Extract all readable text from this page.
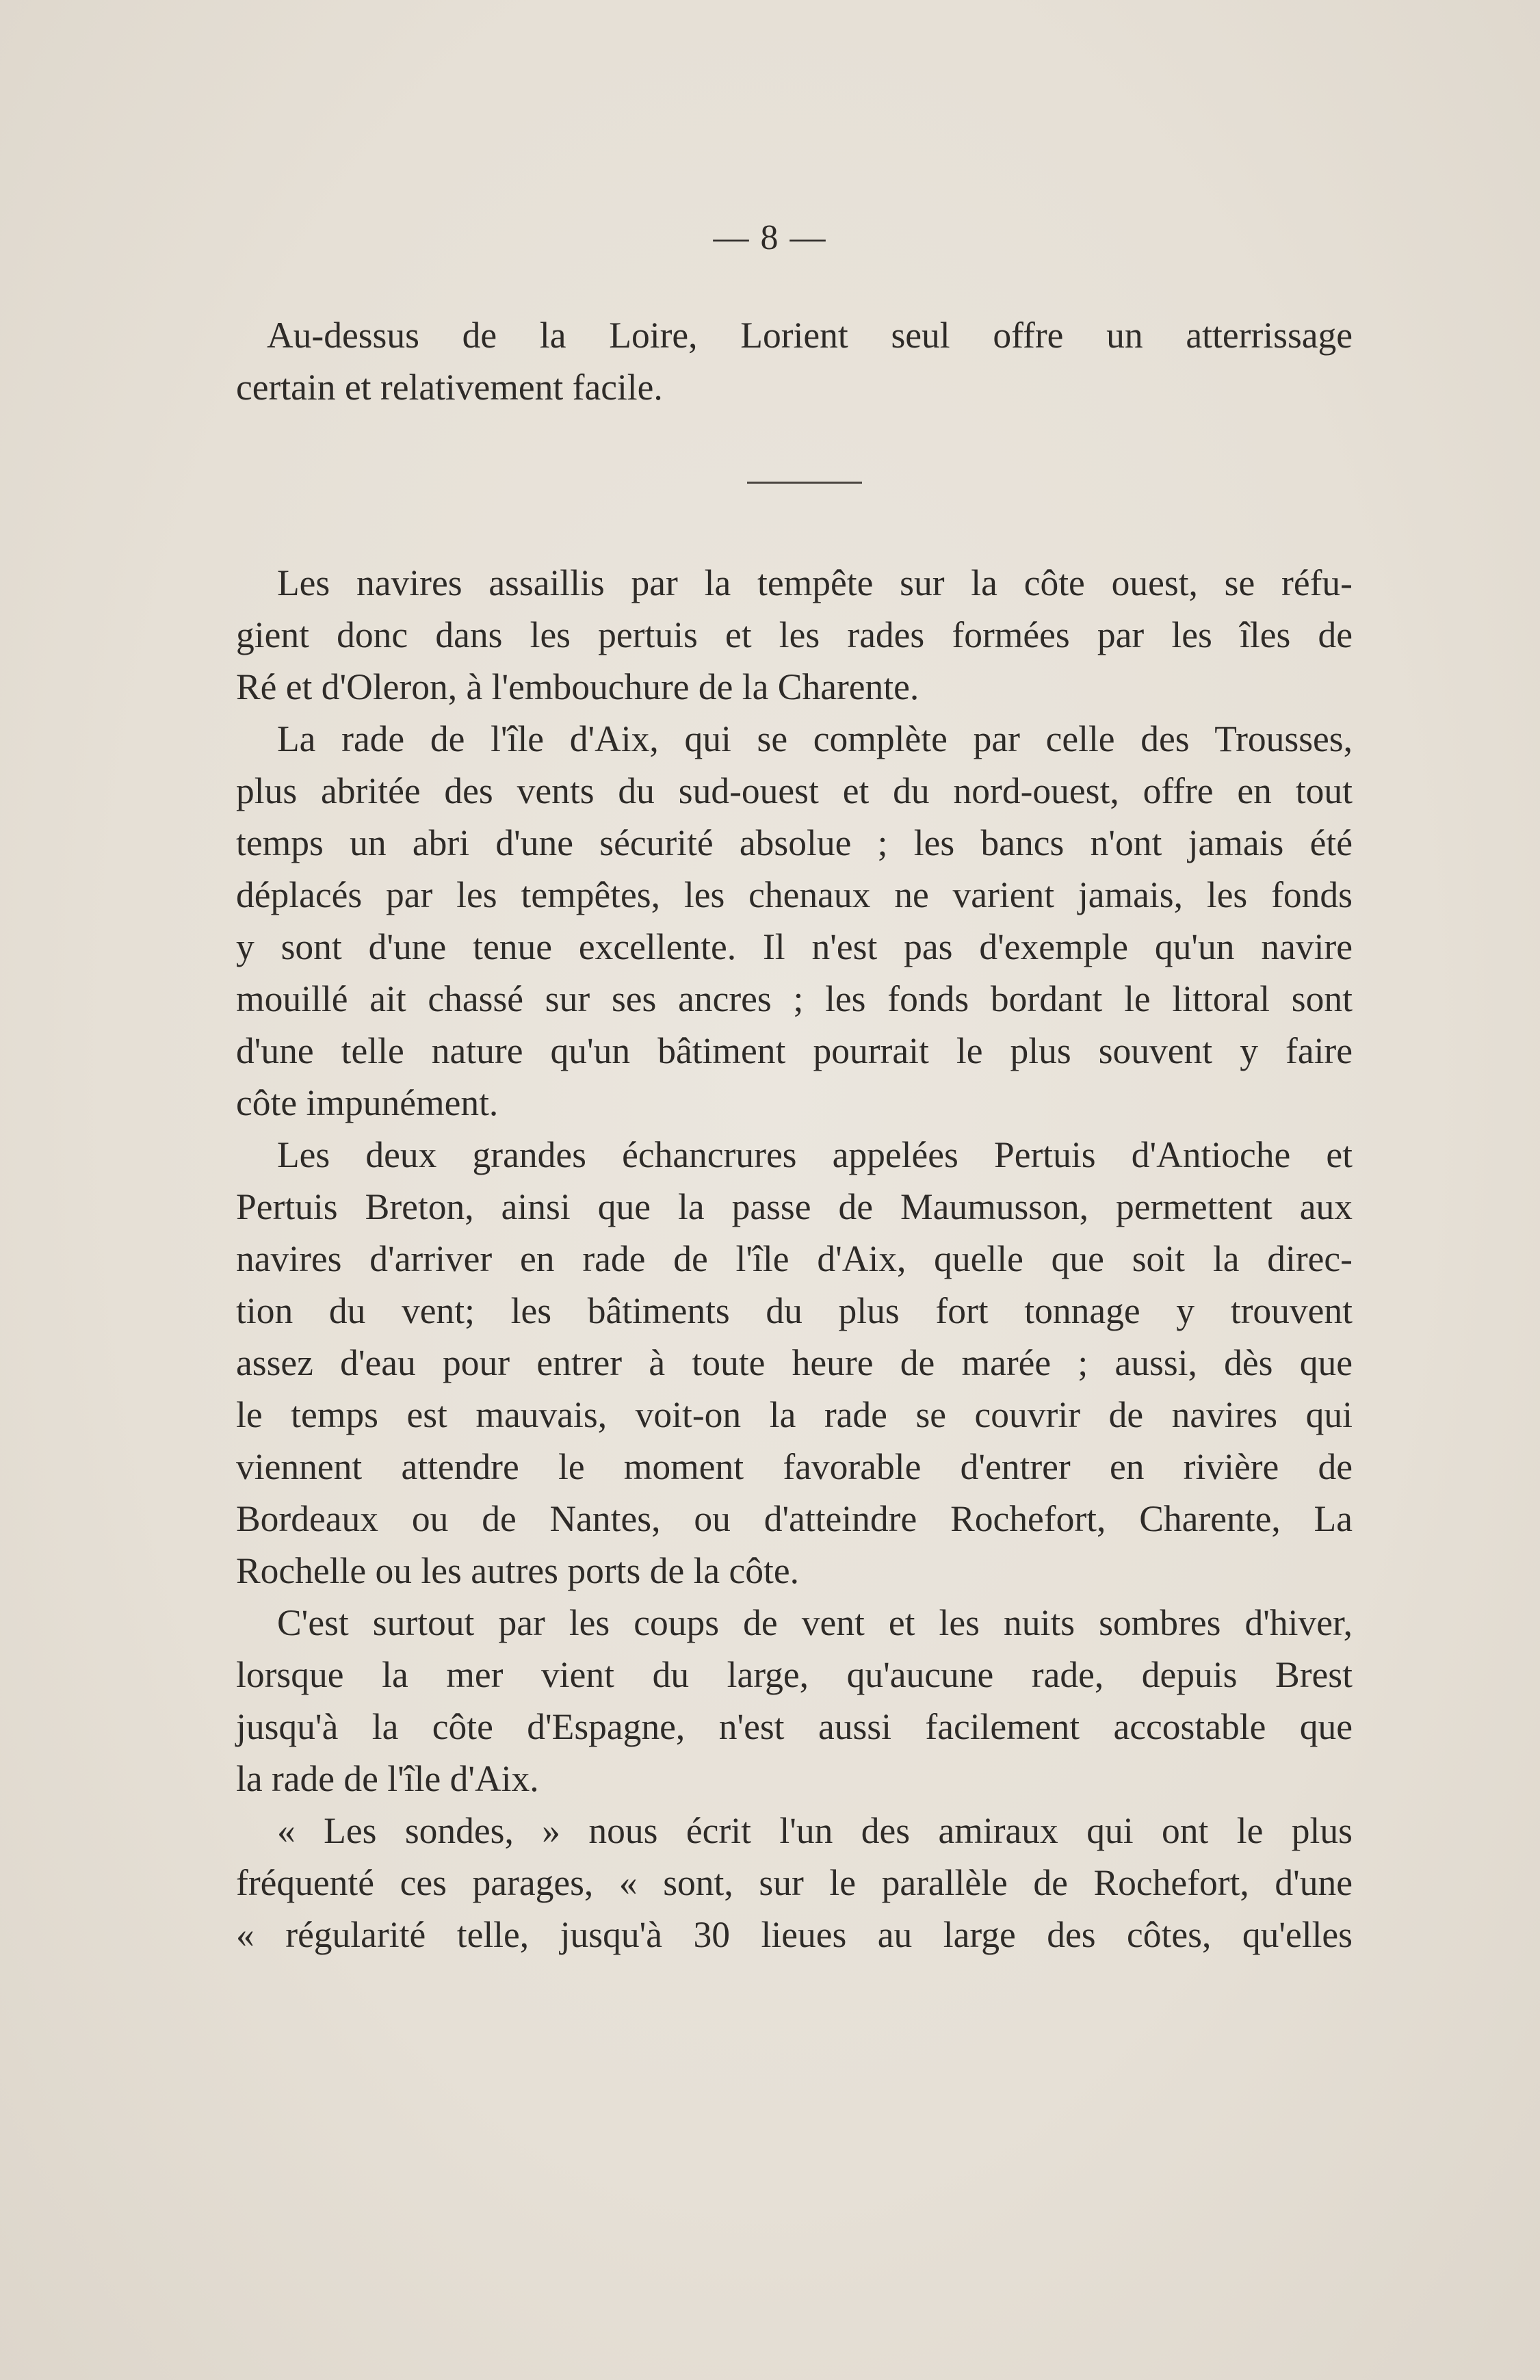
— 8 —
Au-dessus de la Loire, Lorient seul offre un atterrissage
certain et relativement facile.
Les navires assaillis par la tempête sur la côte ouest, se réfu-
gient donc dans les pertuis et les rades formées par les îles de
Ré et d'Oleron, à l'embouchure de la Charente.
La rade de l'île d'Aix, qui se complète par celle des Trousses,
plus abritée des vents du sud-ouest et du nord-ouest, offre en tout
temps un abri d'une sécurité absolue ; les bancs n'ont jamais été
déplacés par les tempêtes, les chenaux ne varient jamais, les fonds
y sont d'une tenue excellente. Il n'est pas d'exemple qu'un navire
mouillé ait chassé sur ses ancres ; les fonds bordant le littoral sont
d'une telle nature qu'un bâtiment pourrait le plus souvent y faire
côte impunément.
Les deux grandes échancrures appelées Pertuis d'Antioche et
Pertuis Breton, ainsi que la passe de Maumusson, permettent aux
navires d'arriver en rade de l'île d'Aix, quelle que soit la direc-
tion du vent; les bâtiments du plus fort tonnage y trouvent
assez d'eau pour entrer à toute heure de marée ; aussi, dès que
le temps est mauvais, voit-on la rade se couvrir de navires qui
viennent attendre le moment favorable d'entrer en rivière de
Bordeaux ou de Nantes, ou d'atteindre Rochefort, Charente, La
Rochelle ou les autres ports de la côte.
C'est surtout par les coups de vent et les nuits sombres d'hiver,
lorsque la mer vient du large, qu'aucune rade, depuis Brest
jusqu'à la côte d'Espagne, n'est aussi facilement accostable que
la rade de l'île d'Aix.
« Les sondes, » nous écrit l'un des amiraux qui ont le plus
fréquenté ces parages, « sont, sur le parallèle de Rochefort, d'une
« régularité telle, jusqu'à 30 lieues au large des côtes, qu'elles
